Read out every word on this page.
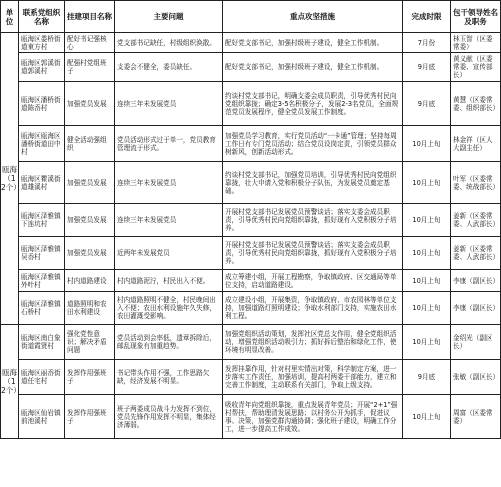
单位	联系党组织名称	挂建项目名称	主要问题	重点攻坚措施	完成时限	包干领导姓名及职务
瓯海（12个）	瓯海区娄桥街道東方村	配好书记强核心	党支部书记缺任，村级组织涣散。	配好党支部书记，加强村级班子建设，健全工作机制。	7月份	林玉智（区委常委）
	瓯海区郭溪街道郭溪村	配强村党组班子	支委会不健全，委员缺任。	配好党支部书记，加强村级班子建设，健全工作机制。	9月底	黄义献（区委常委、宣传部长）
	瓯海区潘桥街道陈岙村	加强党员发展	连续三年未发展党员	约谈村党支部书记，明确支委会成员职责，引导优秀村民向党组织靠拢；确定3-5名积极分子，发展2-3名党员，全面规范党员发展程序，健全党员发展工作制度。	9月底	黄慧（区委常委、组织部长）
	瓯海区瓯海区潘桥街道田中村	健全活动强组织	党员活动形式过于单一，党员教育管理流于形式。	加强党员学习教育，实行党员活动“一卡通”管理；坚持每周工作日有专门党员活动；结合党员设岗定责，引领党员群众树新风，创新活动形式。	10月上旬	林金祥（区人大副主任）
	瓯海区瞿溪街道雄溪村	加强党员发展	连续三年未发展党员	约谈村党支部书记，加强党员培训，引导优秀村民向党组织靠拢，壮大申请入党和积极分子队伍，为发展党员奠定基础。	10月上旬	叶军（区委常委、统战部长）
	瓯海区泽雅镇下连坑村	加强党员发展	连续三年未发展党员	开展村党支部书记发展党员预警谈话；落实支委会成员职责，引导优秀村民向党组织靠拢，抓好现有入党积极分子培养。	10月上旬	姜新（区委常委、人武部长）
	瓯海区泽雅镇吴岙村	加强党员发展	近两年未发展党员	开展村党支部书记发展党员预警谈话；落实支委会成员职责，引导优秀村民向党组织靠拢，抓好现有入党积极分子培养。	10月上旬	姜新（区委常委、人武部长）
	瓯海区泽雅镇外叶村	村内道路建设	村内道路泥泞，村民出入不便。	成立筹建小组，开展工程勘察，争取镇政府、区交通局等单位支持，启动道路建设。	10月上旬	李康（副区长）
	瓯海区泽雅镇石桥村	道路照明和农田水利建设	村内道路照明不健全，村民晚间出入不便；农田水利设施年久失修，农田灌溉受影响。	成立建设小组，开展集资，争取镇政府、市农园林等单位支持，加强道路灯照明建设；争取水利部门支持，实施农田水利工程。	10月上旬	李康（副区长）
瓯海（12个）	瓯海区南白象街道霞贤村	强化党性意识；解决矛盾问题	党员活动到会率低，遗章拆除后，邮乱现象有加重趋势。	加强党组织活动策划，发挥社区党总支作用，健全党组织活动，增强党组织活动吸引力；抓好拆后整治和绿化工作，使环境有明显改善。	10月上旬	金绍光（副区长）
	瓯海区丽岙街道任宅村	发挥作用强班子	书记带头作用不强，工作思路欠缺，经济发展不明显。	发挥挂靠作用，针对村里实情出对策，科学制定方案，进一步落实工作责任，加强培训，提高村两委干部能力，建立和完善工作制度，主动联系有关部门，争取上级支持。	9月底	张敏（副区长）
	瓯海区仙岩镇前池溪村	发挥作用强班子	班子两委成员战斗力发挥不到位，党员先锋作用发挥不明显，集体经济薄弱。	吸收青年向党组织靠拢，重点发展青年党员；开展“2+1”强村帮扶，帮助理清发展思路；以村务公开为抓手，促进议事、决策，加强党群沟通协调；强化班子建设，明确工作分工，进一步提高工作成效。	10月上旬	周富（区委常委）
